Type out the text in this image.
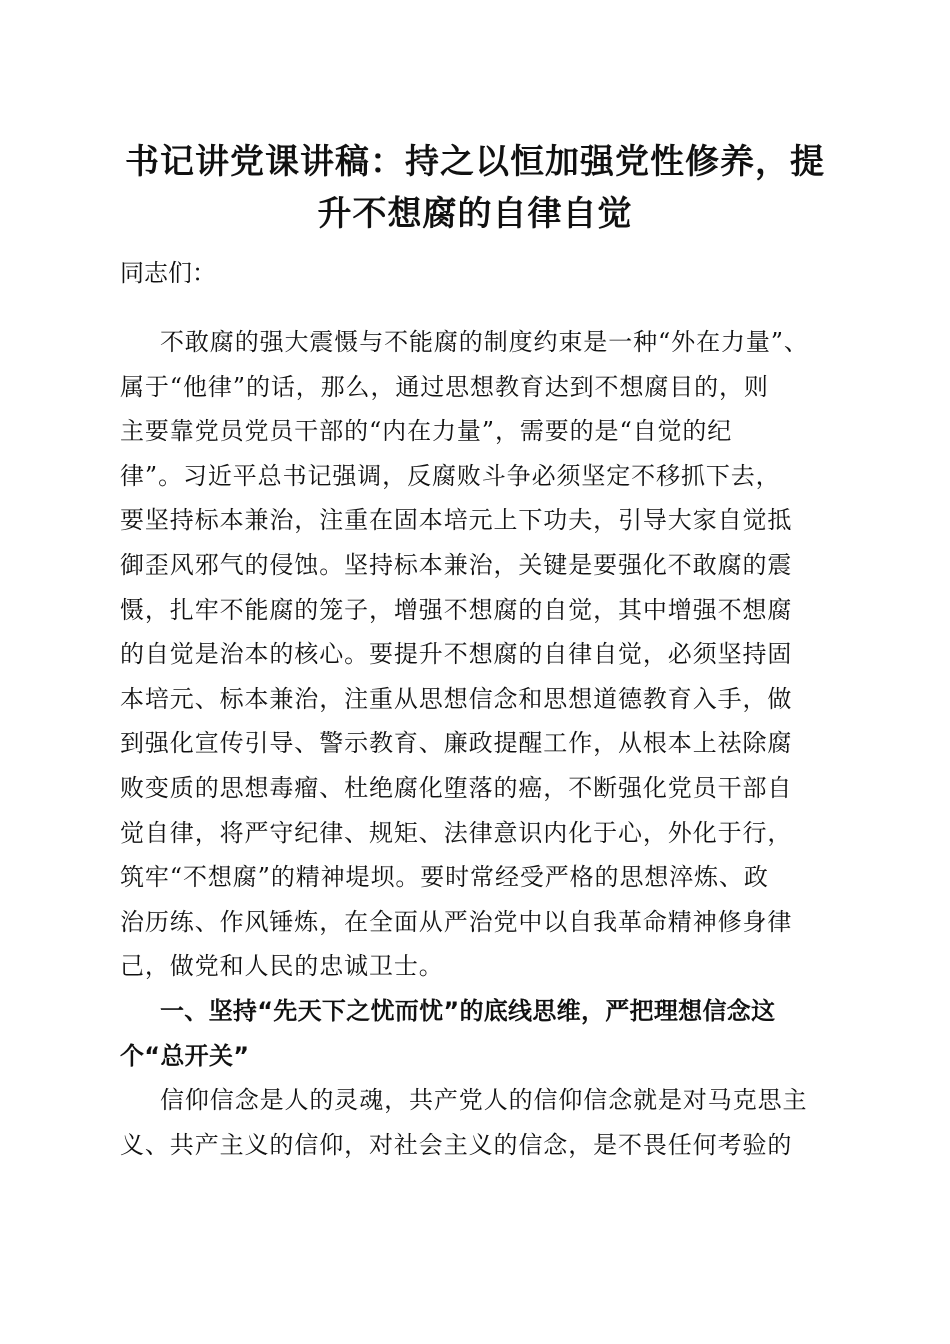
书记讲党课讲稿：持之以恒加强党性修养，提
升不想腐的自律自觉

同志们：

不敢腐的强大震慑与不能腐的制度约束是一种“外在力量”、
属于“他律”的话，那么，通过思想教育达到不想腐目的，则
主要靠党员党员干部的“内在力量”，需要的是“自觉的纪
律”。习近平总书记强调，反腐败斗争必须坚定不移抓下去，
要坚持标本兼治，注重在固本培元上下功夫，引导大家自觉抵
御歪风邪气的侵蚀。坚持标本兼治，关键是要强化不敢腐的震
慑，扎牢不能腐的笼子，增强不想腐的自觉，其中增强不想腐
的自觉是治本的核心。要提升不想腐的自律自觉，必须坚持固
本培元、标本兼治，注重从思想信念和思想道德教育入手，做
到强化宣传引导、警示教育、廉政提醒工作，从根本上祛除腐
败变质的思想毒瘤、杜绝腐化堕落的癌，不断强化党员干部自
觉自律，将严守纪律、规矩、法律意识内化于心，外化于行，
筑牢“不想腐”的精神堤坝。要时常经受严格的思想淬炼、政
治历练、作风锤炼，在全面从严治党中以自我革命精神修身律
己，做党和人民的忠诚卫士。
一、坚持“先天下之忧而忧”的底线思维，严把理想信念这
个“总开关”
信仰信念是人的灵魂，共产党人的信仰信念就是对马克思主
义、共产主义的信仰，对社会主义的信念，是不畏任何考验的
